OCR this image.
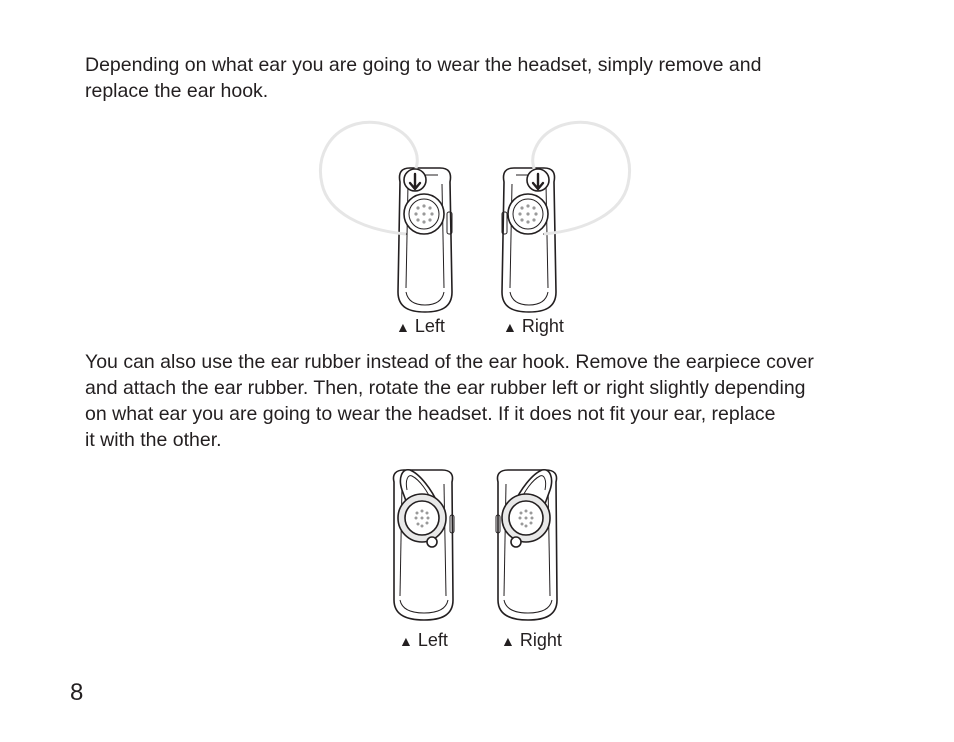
Depending on what ear you are going to wear the headset, simply remove and
replace the ear hook.

▲ Left	▲ Right

You can also use the ear rubber instead of the ear hook. Remove the earpiece cover
and attach the ear rubber. Then, rotate the ear rubber left or right slightly depending
on what ear you are going to wear the headset. If it does not fit your ear, replace
it with the other.

▲ Left	▲ Right
8
